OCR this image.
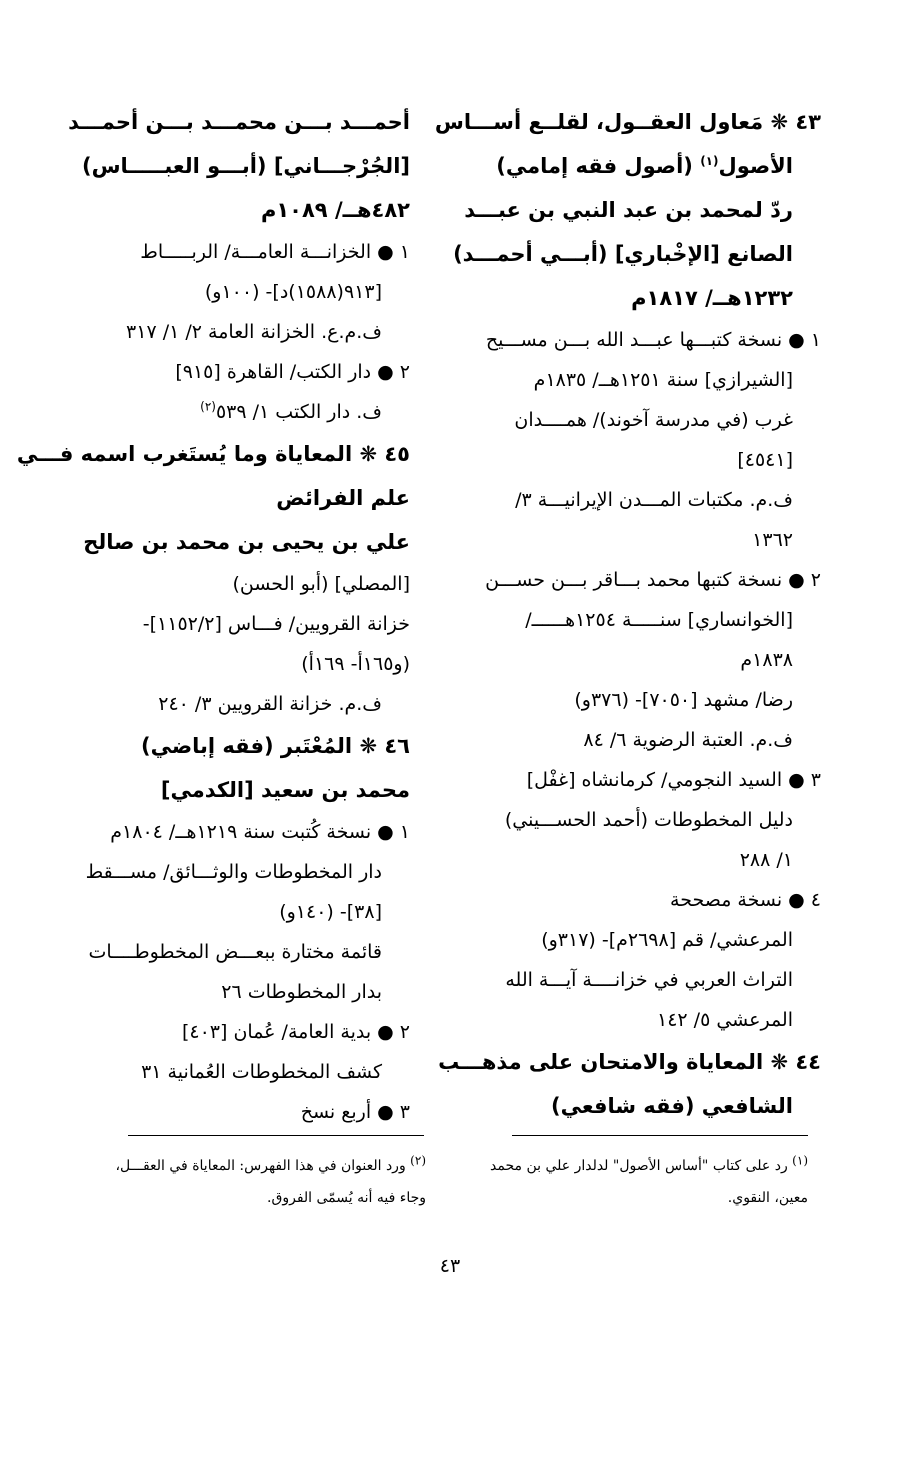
٤٣ ❋ مَعاول العقــول، لقلــع أســـاس
الأصول$^{(١)}$ (أصول فقه إمامي)
ردّ لمحمد بن عبد النبي بن عبـــد
الصانع [الإخْباري] (أبـــي أحمـــد)
١٢٣٢هــ/ ١٨١٧م
١ ● نسخة كتبـــها عبـــد الله بـــن مســـيح
[الشيرازي] سنة ١٢٥١هــ/ ١٨٣٥م
غرب (في مدرسة آخوند)/ همــــدان
[٤٥٤١]
ف.م. مكتبات المـــدن الإيرانيـــة ٣/
١٣٦٢
٢ ● نسخة كتبها محمد بـــاقر بـــن حســـن
[الخوانساري] سنـــــة ١٢٥٤هــــــ/
١٨٣٨م
رضا/ مشهد [٧٠٥٠]- (٣٧٦و)
ف.م. العتبة الرضوية ٦/ ٨٤
٣ ● السيد النجومي/ كرمانشاه [غفْل]
دليل المخطوطات (أحمد الحســـيني)
١/ ٢٨٨
٤ ● نسخة مصححة
المرعشي/ قم [٢٦٩٨م]- (٣١٧و)
التراث العربي في خزانــــة آيـــة الله
المرعشي ٥/ ١٤٢
٤٤ ❋ المعاياة والامتحان على مذهـــب
الشافعي (فقه شافعي)
أحمـــد بـــن محمـــد بـــن أحمـــد
[الجُرْجـــاني] (أبـــو العبـــــاس)
٤٨٢هــ/ ١٠٨٩م
١ ● الخزانـــة العامـــة/ الربـــــاط
[٩١٣(١٥٨٨)د]- (١٠٠و)
ف.م.ع. الخزانة العامة ٢/ ١/ ٣١٧
٢ ● دار الكتب/ القاهرة [٩١٥]
ف. دار الكتب ١/ ٥٣٩$^{(٢)}$
٤٥ ❋ المعاياة وما يُستَغرب اسمه فـــي
علم الفرائض
علي بن يحيى بن محمد بن صالح
[المصلي] (أبو الحسن)
خزانة القرويين/ فـــاس [١١٥٢/٢]-
(و١٦٥أ- ١٦٩أ)
ف.م. خزانة القرويين ٣/ ٢٤٠
٤٦ ❋ المُعْتَبر (فقه إباضي)
محمد بن سعيد [الكدمي]
١ ● نسخة كُتبت سنة ١٢١٩هــ/ ١٨٠٤م
دار المخطوطات والوثـــائق/ مســـقط
[٣٨]- (١٤٠و)
قائمة مختارة ببعـــض المخطوطــــات
بدار المخطوطات ٢٦
٢ ● بدية العامة/ عُمان [٤٠٣]
كشف المخطوطات العُمانية ٣١
٣ ● أربع نسخ
(١) رد على كتاب "أساس الأصول" لدلدار علي بن محمد معين، النقوي.
(٢) ورد العنوان في هذا الفهرس: المعاياة في العقـــل، وجاء فيه أنه يُسمّى الفروق.
٤٣
